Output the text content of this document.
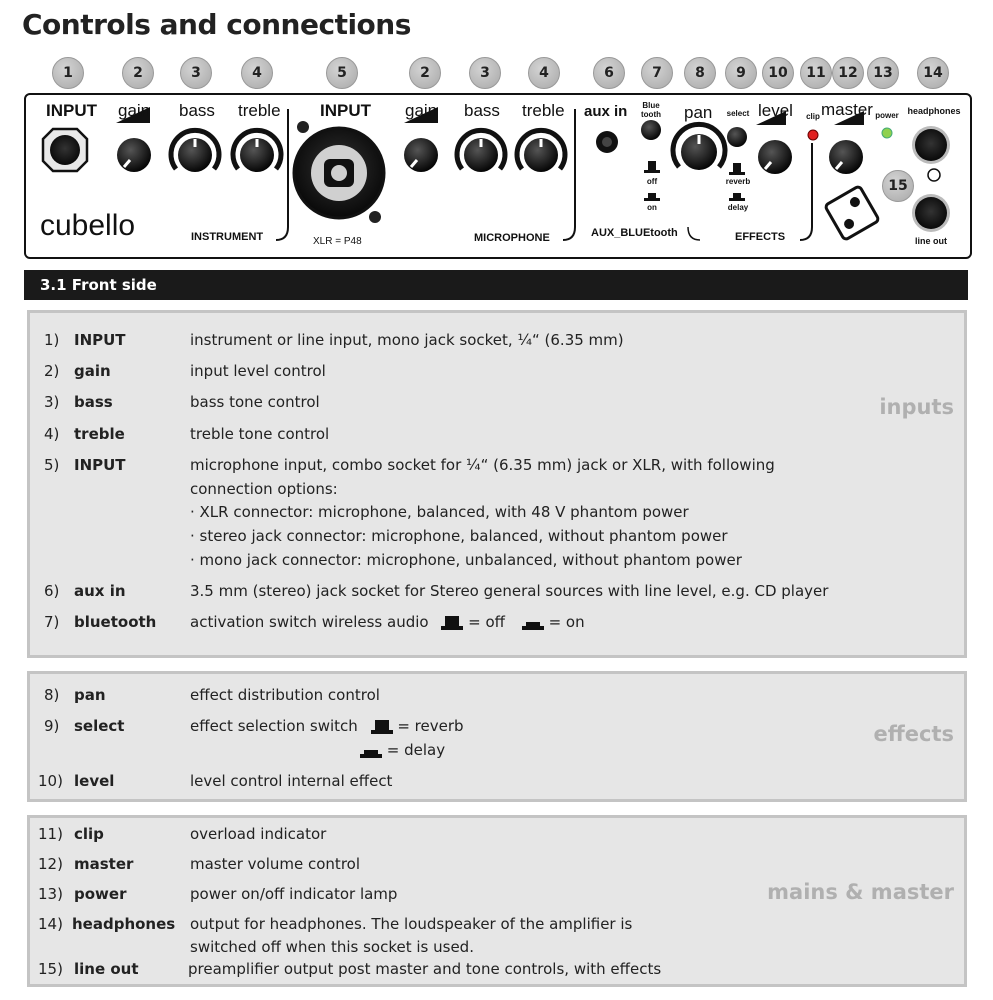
Controls and connections
1	2	3	4	5	2	3	4	6	7	8	9	10	11 12	13	14
15
INPUT gain bass treble INPUT gain bass treble aux in	Blue
tooth pan	select level	clip master power headphones
line out
off
on
reverb
delay
XLR = P48
cubello	INSTRUMENT	MICROPHONE	AUX_BLUEtooth	EFFECTS
3.1 Front side
1) INPUT	instrument or line input, mono jack socket, ¼“ (6.35 mm)
2) gain	input level control
3) bass	bass tone control
4) treble	treble tone control
5) INPUT	microphone input, combo socket for ¼“ (6.35 mm) jack or XLR, with following
connection options:
· XLR connector: microphone, balanced, with 48 V phantom power
· stereo jack connector: microphone, balanced, without phantom power
· mono jack connector: microphone, unbalanced, without phantom power
6) aux in	3.5 mm (stereo) jack socket for Stereo general sources with line level, e.g. CD player
7) bluetooth activation switch wireless audio	= off	= on
inputs
8) pan	effect distribution control
9) select	effect selection switch	= reverb
= delay
10) level	level control internal effect
effects
11) clip	overload indicator
12) master	master volume control
13) power	power on/off indicator lamp
14) headphones output for headphones. The loudspeaker of the amplifier is
switched off when this socket is used.
15) line out	preamplifier output post master and tone controls, with effects
mains & master
